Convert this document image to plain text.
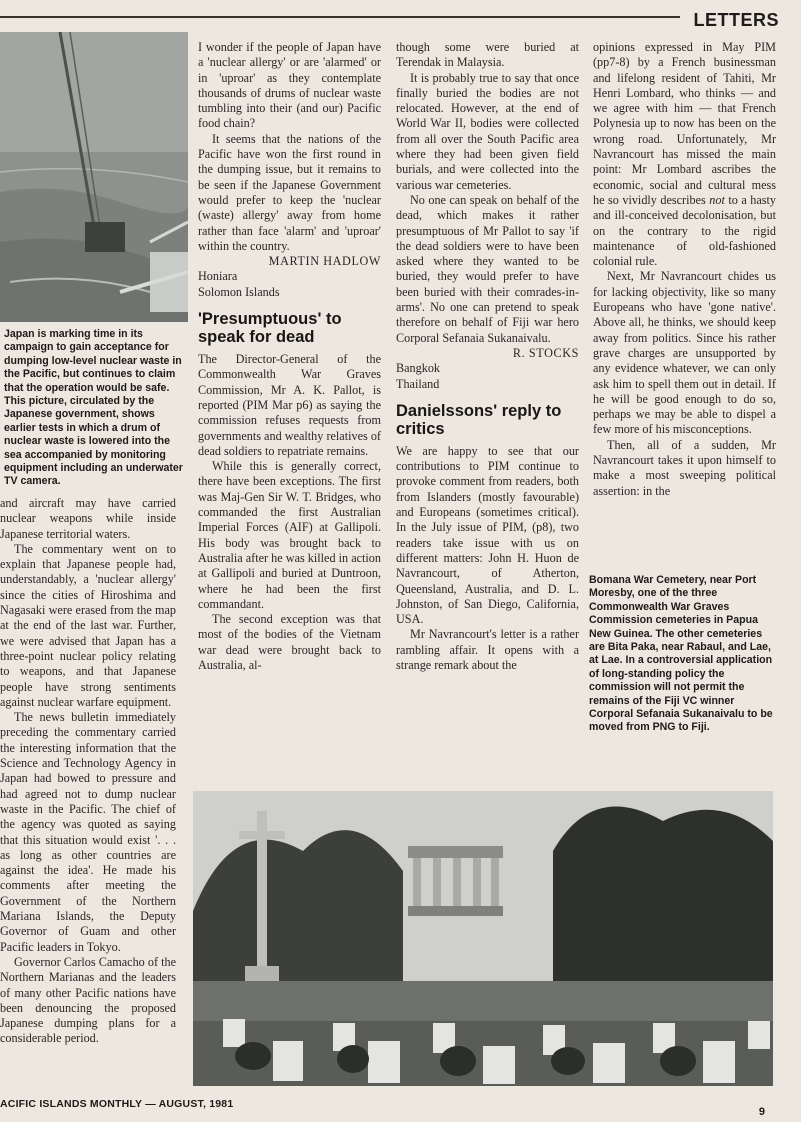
LETTERS
Japan is marking time in its campaign to gain acceptance for dumping low-level nuclear waste in the Pacific, but continues to claim that the operation would be safe. This picture, circulated by the Japanese government, shows earlier tests in which a drum of nuclear waste is lowered into the sea accompanied by monitoring equipment including an underwater TV camera.

and aircraft may have carried nuclear weapons while inside Japanese territorial waters.

The commentary went on to explain that Japanese people had, understandably, a 'nuclear allergy' since the cities of Hiroshima and Nagasaki were erased from the map at the end of the last war. Further, we were advised that Japan has a three-point nuclear policy relating to weapons, and that Japanese people have strong sentiments against nuclear warfare equipment.

The news bulletin immediately preceding the commentary carried the interesting information that the Science and Technology Agency in Japan had bowed to pressure and had agreed not to dump nuclear waste in the Pacific. The chief of the agency was quoted as saying that this situation would exist '. . . as long as other countries are against the idea'. He made his comments after meeting the Government of the Northern Mariana Islands, the Deputy Governor of Guam and other Pacific leaders in Tokyo.

Governor Carlos Camacho of the Northern Marianas and the leaders of many other Pacific nations have been denouncing the proposed Japanese dumping plans for a considerable period.

I wonder if the people of Japan have a 'nuclear allergy' or are 'alarmed' or in 'uproar' as they contemplate thousands of drums of nuclear waste tumbling into their (and our) Pacific food chain?

It seems that the nations of the Pacific have won the first round in the dumping issue, but it remains to be seen if the Japanese Government would prefer to keep the 'nuclear (waste) allergy' away from home rather than face 'alarm' and 'uproar' within the country.

MARTIN HADLOW

Honiara

Solomon Islands

'Presumptuous' to speak for dead

The Director-General of the Commonwealth War Graves Commission, Mr A. K. Pallot, is reported (PIM Mar p6) as saying the commission refuses requests from governments and wealthy relatives of dead soldiers to repatriate remains.

While this is generally correct, there have been exceptions. The first was Maj-Gen Sir W. T. Bridges, who commanded the first Australian Imperial Forces (AIF) at Gallipoli. His body was brought back to Australia after he was killed in action at Gallipoli and buried at Duntroon, where he had been the first commandant.

The second exception was that most of the bodies of the Vietnam war dead were brought back to Australia, al-

though some were buried at Terendak in Malaysia.

It is probably true to say that once finally buried the bodies are not relocated. However, at the end of World War II, bodies were collected from all over the South Pacific area where they had been given field burials, and were collected into the various war cemeteries.

No one can speak on behalf of the dead, which makes it rather presumptuous of Mr Pallot to say 'if the dead soldiers were to have been asked where they wanted to be buried, they would prefer to have been buried with their comrades-in-arms'. No one can pretend to speak therefore on behalf of Fiji war hero Corporal Sefanaia Sukanaivalu.

R. STOCKS

Bangkok

Thailand

Danielssons' reply to critics

We are happy to see that our contributions to PIM continue to provoke comment from readers, both from Islanders (mostly favourable) and Europeans (sometimes critical). In the July issue of PIM, (p8), two readers take issue with us on different matters: John H. Huon de Navrancourt, of Atherton, Queensland, Australia, and D. L. Johnston, of San Diego, California, USA.

Mr Navrancourt's letter is a rather rambling affair. It opens with a strange remark about the

opinions expressed in May PIM (pp7-8) by a French businessman and lifelong resident of Tahiti, Mr Henri Lombard, who thinks — and we agree with him — that French Polynesia up to now has been on the wrong road. Unfortunately, Mr Navrancourt has missed the main point: Mr Lombard ascribes the economic, social and cultural mess he so vividly describes not to a hasty and ill-conceived decolonisation, but on the contrary to the rigid maintenance of old-fashioned colonial rule.

Next, Mr Navrancourt chides us for lacking objectivity, like so many Europeans who have 'gone native'. Above all, he thinks, we should keep away from politics. Since his rather grave charges are unsupported by any evidence whatever, we can only ask him to spell them out in detail. If he will be good enough to do so, perhaps we may be able to dispel a few more of his misconceptions.

Then, all of a sudden, Mr Navrancourt takes it upon himself to make a most sweeping political assertion: in the

Bomana War Cemetery, near Port Moresby, one of the three Commonwealth War Graves Commission cemeteries in Papua New Guinea. The other cemeteries are Bita Paka, near Rabaul, and Lae, at Lae. In a controversial application of long-standing policy the commission will not permit the remains of the Fiji VC winner Corporal Sefanaia Sukanaivalu to be moved from PNG to Fiji.
ACIFIC ISLANDS MONTHLY — AUGUST, 1981
9
